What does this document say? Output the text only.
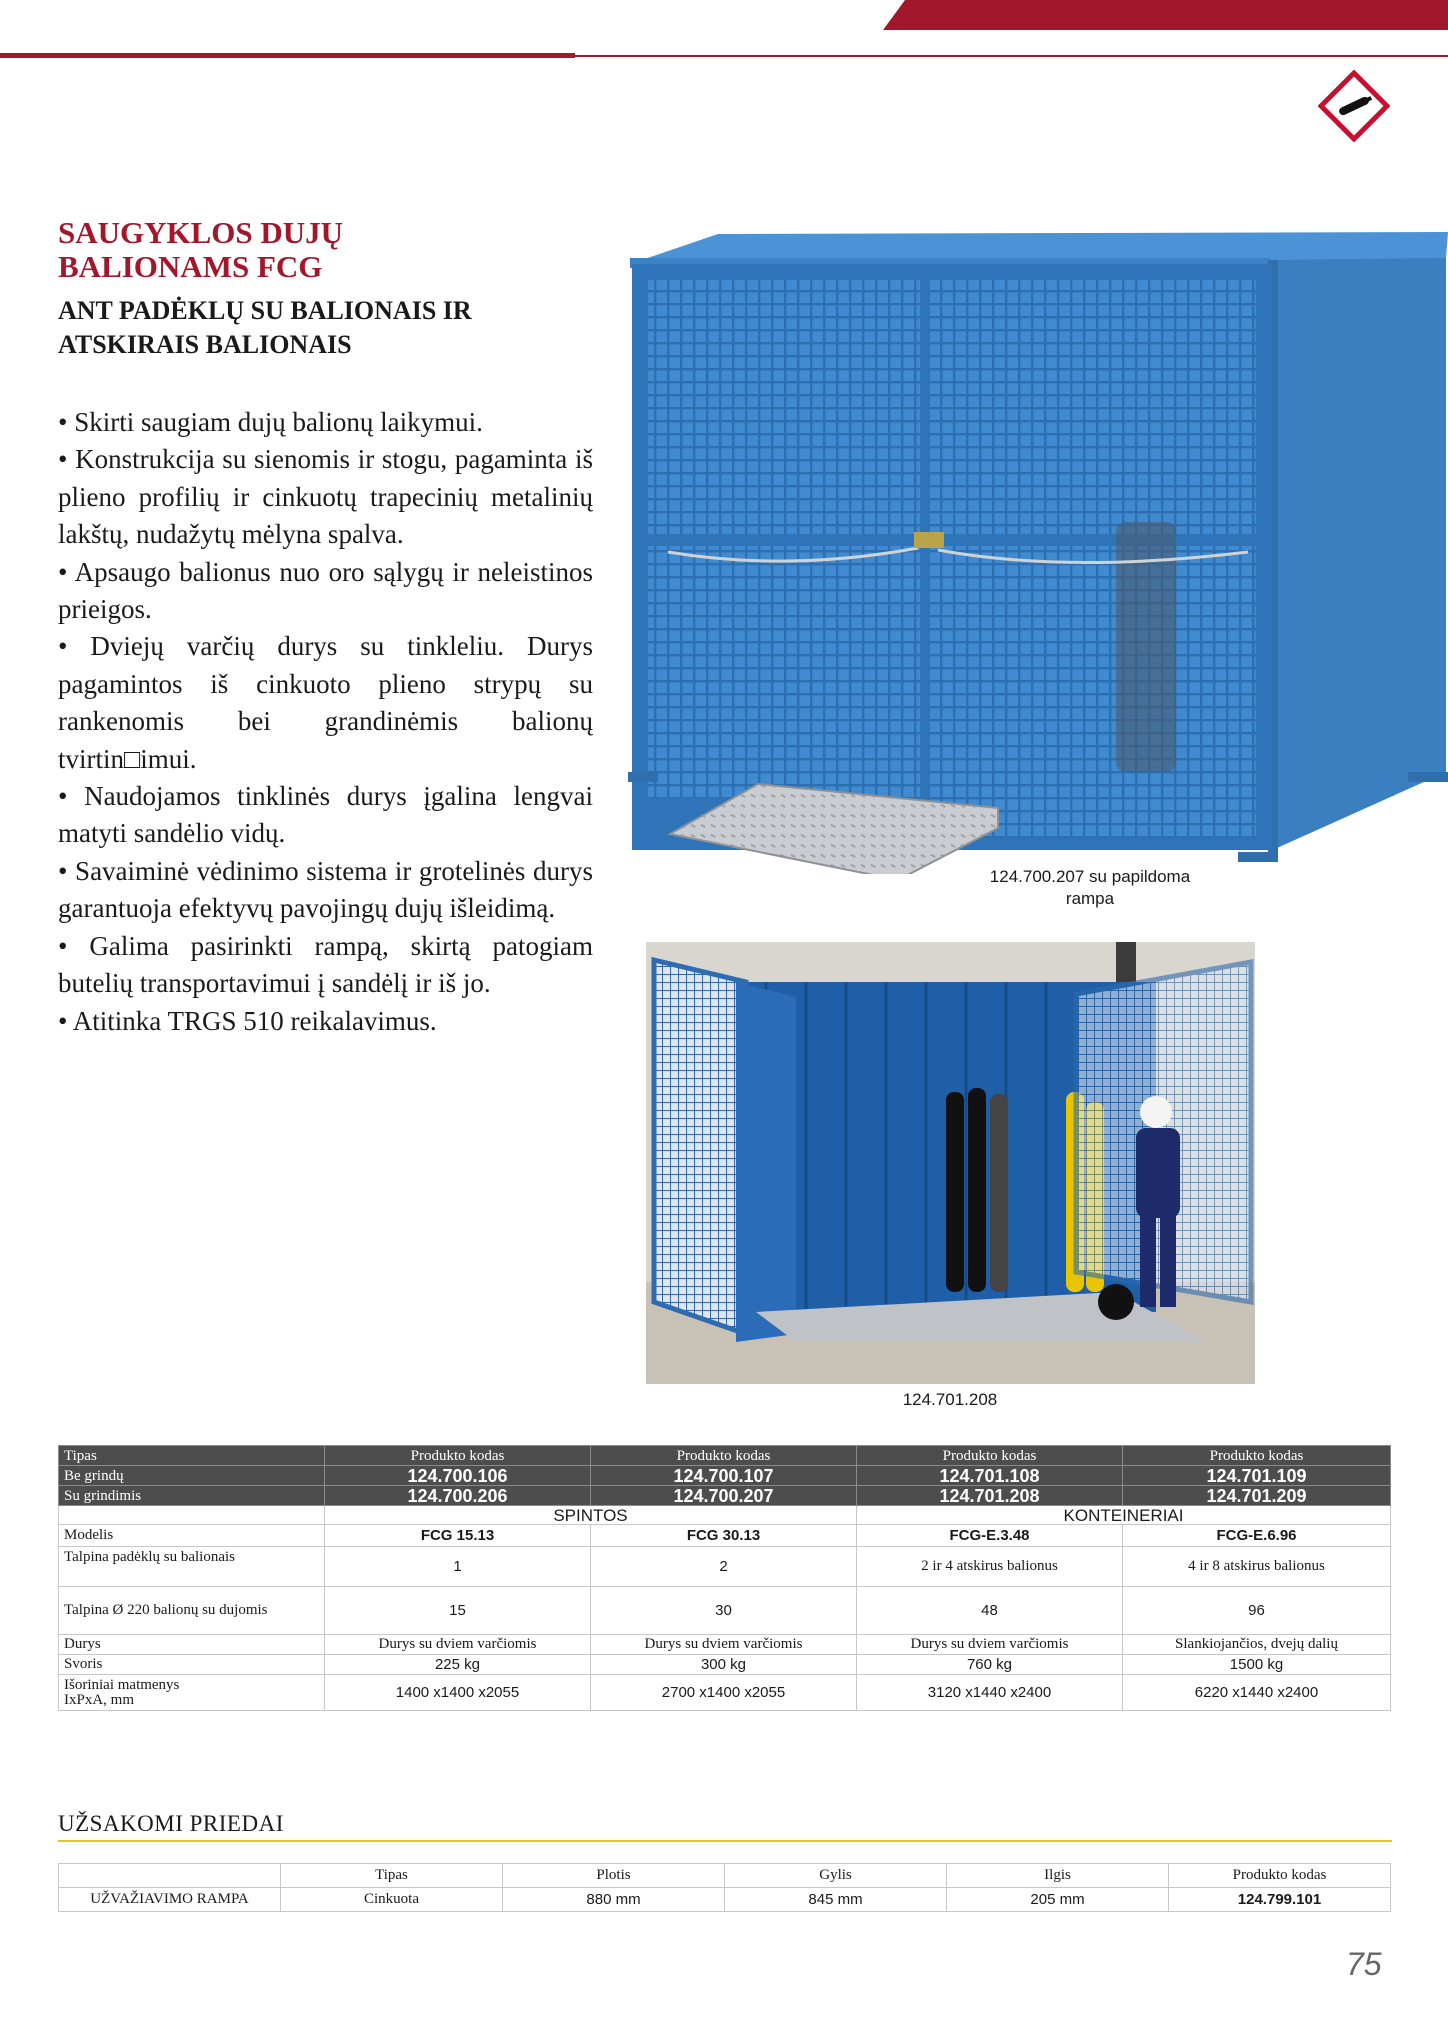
SAUGYKLOS DUJŲ
BALIONAMS FCG
ANT PADĖKLŲ SU BALIONAIS IR
ATSKIRAIS BALIONAIS

• Skirti saugiam dujų balionų laikymui.

• Konstrukcija su sienomis ir stogu, pagaminta iš plieno profilių ir cinkuotų trapecinių metalinių lakštų, nudažytų mėlyna spalva.

• Apsaugo balionus nuo oro sąlygų ir neleistinos prieigos.

• Dviejų varčių durys su tinkleliu. Durys pagamintos iš cinkuoto plieno strypų su rankenomis bei grandinėmis balionų tvirtin□imui.

• Naudojamos tinklinės durys įgalina lengvai matyti sandėlio vidų.

• Savaiminė vėdinimo sistema ir grotelinės durys garantuoja efektyvų pavojingų dujų išleidimą.

• Galima pasirinkti rampą, skirtą patogiam butelių transportavimui į sandėlį ir iš jo.

• Atitinka TRGS 510 reikalavimus.

124.700.207 su papildoma
rampa
124.701.208
Tipas	Produkto kodas	Produkto kodas	Produkto kodas	Produkto kodas
Be grindų	124.700.106	124.700.107	124.701.108	124.701.109
Su grindimis	124.700.206	124.700.207	124.701.208	124.701.209
	SPINTOS		KONTEINERIAI	
Modelis	FCG 15.13	FCG 30.13	FCG-E.3.48	FCG-E.6.96
Talpina padėklų su balionais	1	2	2 ir 4 atskirus balionus	4 ir 8 atskirus balionus
Talpina Ø 220 balionų su dujomis	15	30	48	96
Durys	Durys su dviem varčiomis	Durys su dviem varčiomis	Durys su dviem varčiomis	Slankiojančios, dvejų dalių
Svoris	225 kg	300 kg	760 kg	1500 kg

Išoriniai matmenys
IxPxA, mm	1400 x1400 x2055	2700 x1400 x2055	3120 x1440 x2400	6220 x1440 x2400
UŽSAKOMI PRIEDAI
	Tipas	Plotis	Gylis	Ilgis	Produkto kodas
UŽVAŽIAVIMO RAMPA	Cinkuota	880 mm	845 mm	205 mm	124.799.101
75
